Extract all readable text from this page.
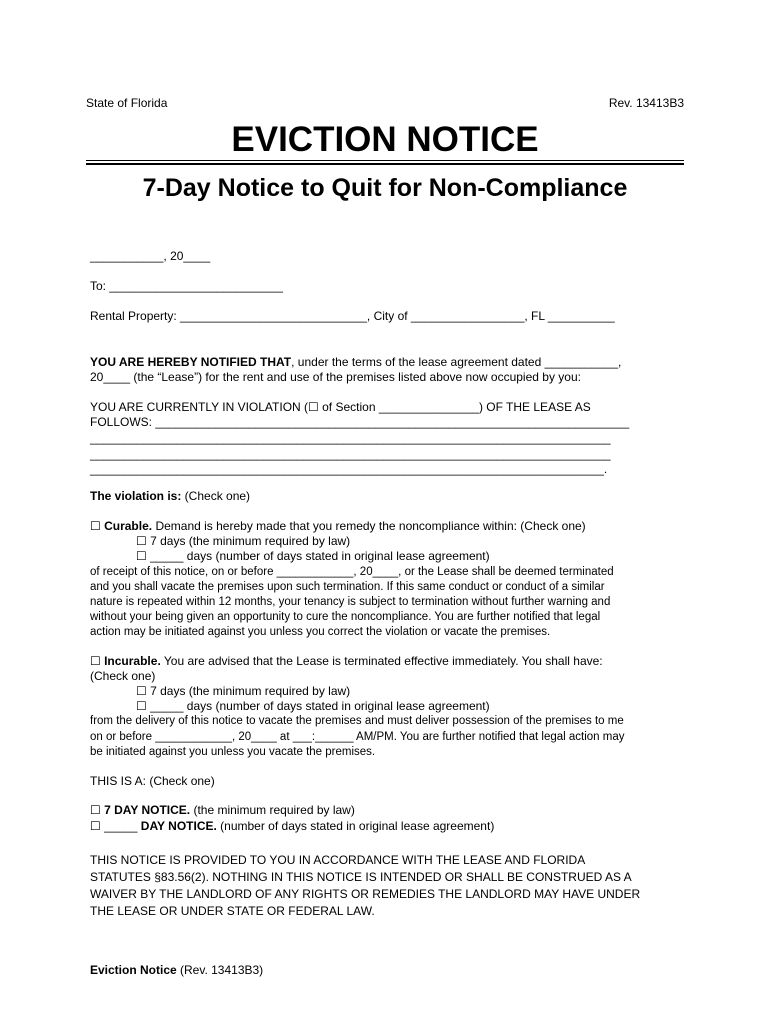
State of Florida	Rev. 13413B3
EVICTION NOTICE
7-Day Notice to Quit for Non-Compliance
___________, 20____
To: __________________________
Rental Property: ____________________________, City of _________________, FL __________
YOU ARE HEREBY NOTIFIED THAT, under the terms of the lease agreement dated ___________,
20____ (the “Lease”) for the rent and use of the premises listed above now occupied by you:
YOU ARE CURRENTLY IN VIOLATION (☐ of Section _______________) OF THE LEASE AS
FOLLOWS: _______________________________________________________________________
______________________________________________________________________________
______________________________________________________________________________
_____________________________________________________________________________.
The violation is: (Check one)
☐ Curable. Demand is hereby made that you remedy the noncompliance within: (Check one)
☐ 7 days (the minimum required by law)
☐ _____ days (number of days stated in original lease agreement)
of receipt of this notice, on or before ____________, 20____, or the Lease shall be deemed terminated
and you shall vacate the premises upon such termination. If this same conduct or conduct of a similar
nature is repeated within 12 months, your tenancy is subject to termination without further warning and
without your being given an opportunity to cure the noncompliance. You are further notified that legal
action may be initiated against you unless you correct the violation or vacate the premises.
☐ Incurable. You are advised that the Lease is terminated effective immediately. You shall have:
(Check one)
☐ 7 days (the minimum required by law)
☐ _____ days (number of days stated in original lease agreement)
from the delivery of this notice to vacate the premises and must deliver possession of the premises to me
on or before ____________, 20____ at ___:______ AM/PM. You are further notified that legal action may
be initiated against you unless you vacate the premises.
THIS IS A: (Check one)
☐ 7 DAY NOTICE. (the minimum required by law)
☐ _____ DAY NOTICE. (number of days stated in original lease agreement)
THIS NOTICE IS PROVIDED TO YOU IN ACCORDANCE WITH THE LEASE AND FLORIDA
STATUTES §83.56(2). NOTHING IN THIS NOTICE IS INTENDED OR SHALL BE CONSTRUED AS A
WAIVER BY THE LANDLORD OF ANY RIGHTS OR REMEDIES THE LANDLORD MAY HAVE UNDER
THE LEASE OR UNDER STATE OR FEDERAL LAW.
Eviction Notice (Rev. 13413B3)
